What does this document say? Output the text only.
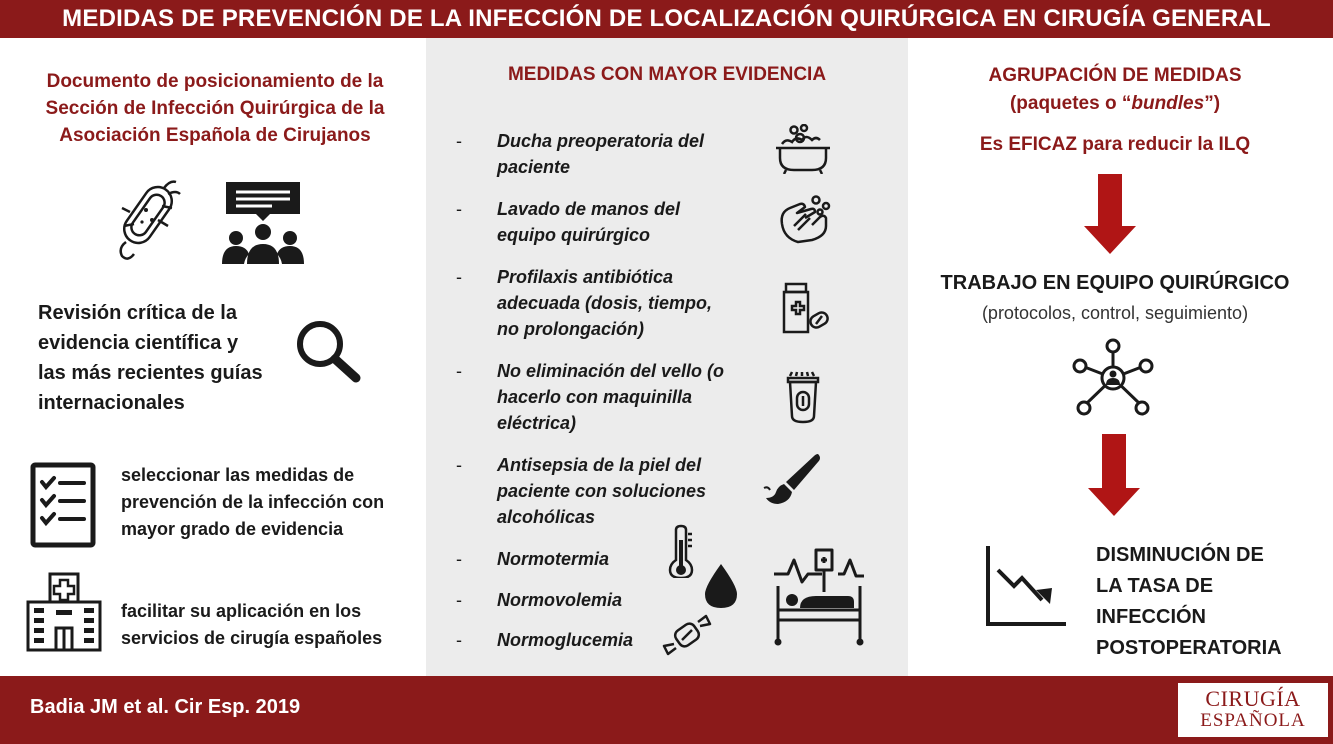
MEDIDAS DE PREVENCIÓN DE LA INFECCIÓN DE LOCALIZACIÓN QUIRÚRGICA EN CIRUGÍA GENERAL
Documento de posicionamiento de la
Sección de Infección Quirúrgica de la
Asociación Española de Cirujanos
Revisión crítica de la
evidencia científica y
las más recientes guías
internacionales
seleccionar las medidas de
prevención de la infección con
mayor grado de evidencia
facilitar su aplicación en los
servicios de cirugía españoles
MEDIDAS CON MAYOR EVIDENCIA
- Ducha preoperatoria del
paciente
- Lavado de manos del
equipo quirúrgico
- Profilaxis antibiótica
adecuada (dosis, tiempo,
no prolongación)
- No eliminación del vello (o
hacerlo con maquinilla
eléctrica)
- Antisepsia de la piel del
paciente con soluciones
alcohólicas
- Normotermia
- Normovolemia
- Normoglucemia
AGRUPACIÓN DE MEDIDAS
(paquetes o “bundles”)
Es EFICAZ para reducir la ILQ
TRABAJO EN EQUIPO QUIRÚRGICO
(protocolos, control, seguimiento)
DISMINUCIÓN DE
LA TASA DE
INFECCIÓN
POSTOPERATORIA
Badia JM et al. Cir Esp. 2019	CIRUGÍA
ESPAÑOLA
